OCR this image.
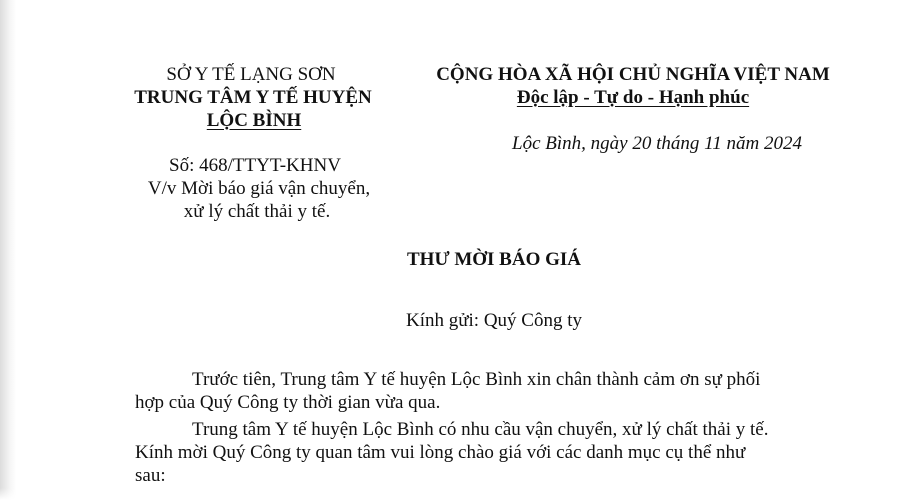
SỞ Y TẾ LẠNG SƠN
TRUNG TÂM Y TẾ HUYỆN
LỘC BÌNH
Số: 468/TTYT-KHNV
V/v Mời báo giá vận chuyển,
xử lý chất thải y tế.
CỘNG HÒA XÃ HỘI CHỦ NGHĨA VIỆT NAM
Độc lập - Tự do - Hạnh phúc
Lộc Bình, ngày 20 tháng 11 năm 2024
THƯ MỜI BÁO GIÁ
Kính gửi: Quý Công ty
Trước tiên, Trung tâm Y tế huyện Lộc Bình xin chân thành cảm ơn sự phối
hợp của Quý Công ty thời gian vừa qua.
Trung tâm Y tế huyện Lộc Bình có nhu cầu vận chuyển, xử lý chất thải y tế.
Kính mời Quý Công ty quan tâm vui lòng chào giá với các danh mục cụ thể như
sau:
